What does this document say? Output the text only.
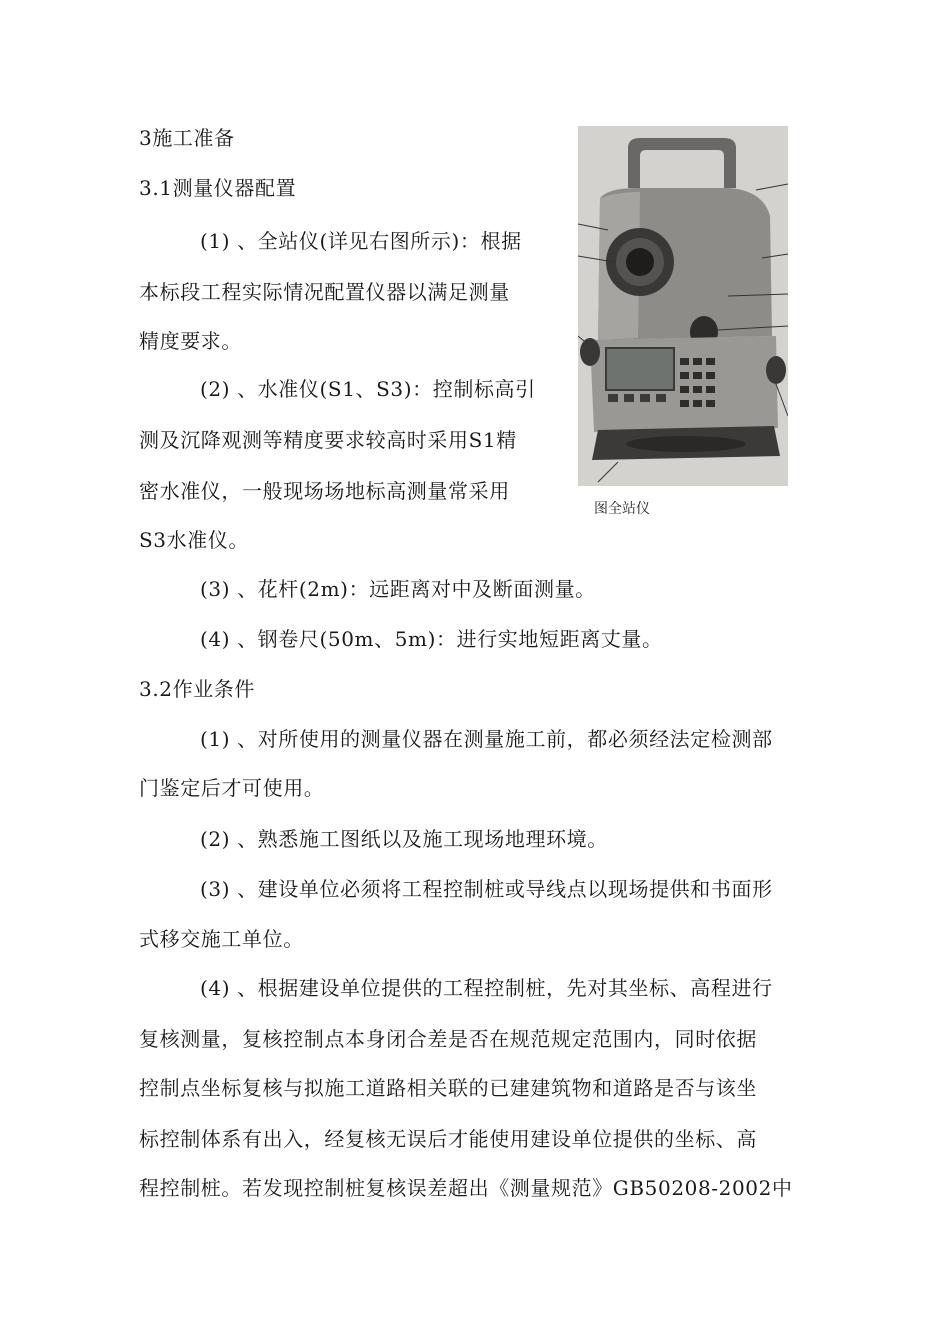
3施工准备
3.1测量仪器配置
(1) 、全站仪(详见右图所示)：根据
本标段工程实际情况配置仪器以满足测量
精度要求。
(2) 、水准仪(S1、S3)：控制标高引
测及沉降观测等精度要求较高时采用S1精
密水准仪，一般现场场地标高测量常采用
S3水准仪。
(3) 、花杆(2m)：远距离对中及断面测量。
(4) 、钢卷尺(50m、5m)：进行实地短距离丈量。
3.2作业条件
(1) 、对所使用的测量仪器在测量施工前，都必须经法定检测部
门鉴定后才可使用。
(2) 、熟悉施工图纸以及施工现场地理环境。
(3) 、建设单位必须将工程控制桩或导线点以现场提供和书面形
式移交施工单位。
(4) 、根据建设单位提供的工程控制桩，先对其坐标、高程进行
复核测量，复核控制点本身闭合差是否在规范规定范围内，同时依据
控制点坐标复核与拟施工道路相关联的已建建筑物和道路是否与该坐
标控制体系有出入，经复核无误后才能使用建设单位提供的坐标、高
程控制桩。若发现控制桩复核误差超出《测量规范》GB50208-2002中
图全站仪
